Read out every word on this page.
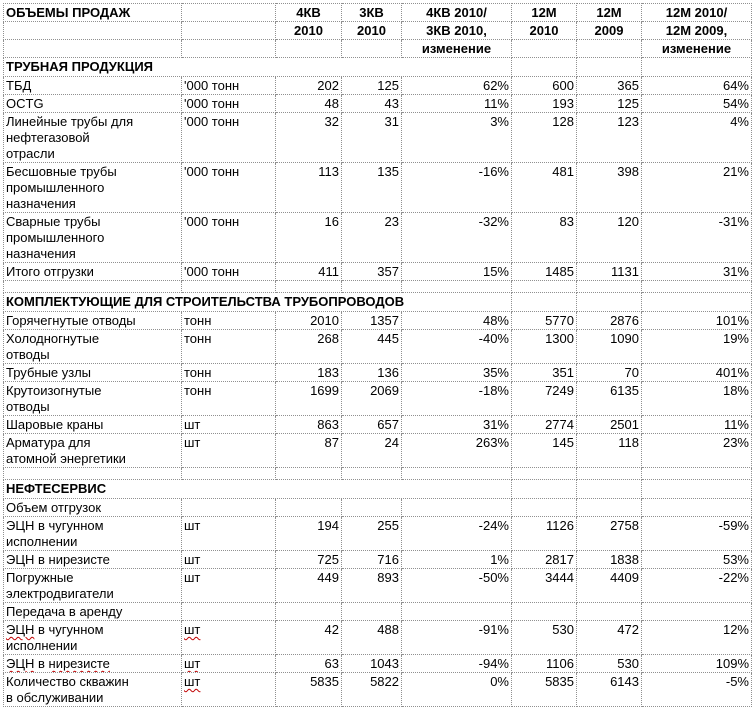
ОБЪЕМЫ ПРОДАЖ		4КВ	3КВ	4КВ 2010/	12М	12М	12М 2010/
		2010	2010	3КВ 2010,	2010	2009	12М 2009,
				изменение			изменение
ТРУБНАЯ ПРОДУКЦИЯ							

ТБД	'000 тонн	202	125	62%	600	365	64%

OCTG	'000 тонн	48	43	11%	193	125	54%

Линейные трубы для нефтегазовой отрасли	'000 тонн	32	31	3%	128	123	4%

Бесшовные трубы промышленного назначения	'000 тонн	113	135	-16%	481	398	21%

Сварные трубы промышленного назначения	'000 тонн	16	23	-32%	83	120	-31%

Итого отгрузки	'000 тонн	411	357	15%	1485	1131	31%

КОМПЛЕКТУЮЩИЕ ДЛЯ СТРОИТЕЛЬСТВА ТРУБОПРОВОДОВ							

Горячегнутые отводы	тонн	2010	1357	48%	5770	2876	101%

Холодногнутые отводы	тонн	268	445	-40%	1300	1090	19%

Трубные узлы	тонн	183	136	35%	351	70	401%

Крутоизогнутые отводы	тонн	1699	2069	-18%	7249	6135	18%

Шаровые краны	шт	863	657	31%	2774	2501	11%

Арматура для атомной энергетики	шт	87	24	263%	145	118	23%

НЕФТЕСЕРВИС							

Объем отгрузок							

ЭЦН в чугунном исполнении	шт	194	255	-24%	1126	2758	-59%

ЭЦН в нирезисте	шт	725	716	1%	2817	1838	53%

Погружные электродвигатели	шт	449	893	-50%	3444	4409	-22%

Передача в аренду							

ЭЦН в чугунном исполнении	шт	42	488	-91%	530	472	12%

ЭЦН в нирезисте	шт	63	1043	-94%	1106	530	109%

Количество скважин в обслуживании	шт	5835	5822	0%	5835	6143	-5%
